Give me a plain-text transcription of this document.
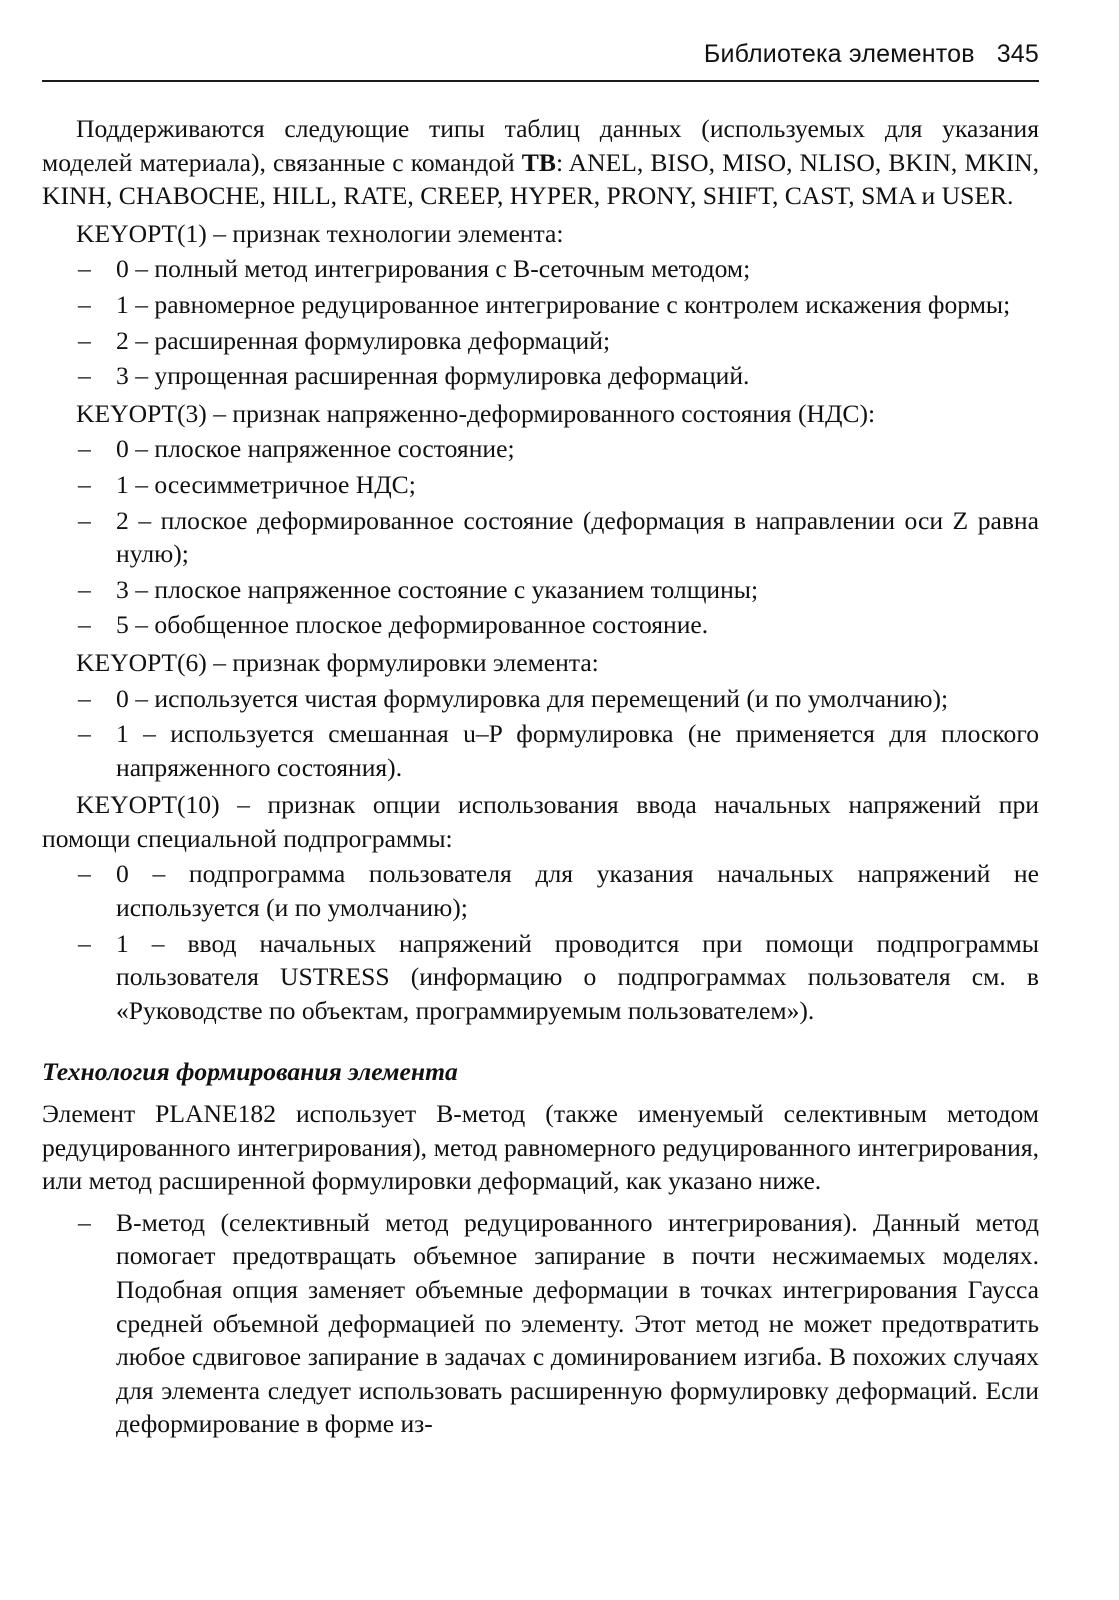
Библиотека элементов 345

Поддерживаются следующие типы таблиц данных (используемых для указания моделей материала), связанные с командой TB: ANEL, BISO, MISO, NLISO, BKIN, MKIN, KINH, CHABOCHE, HILL, RATE, CREEP, HYPER, PRONY, SHIFT, CAST, SMA и USER.

KEYOPT(1) – признак технологии элемента:

– 0 – полный метод интегрирования с B-сеточным методом;
– 1 – равномерное редуцированное интегрирование с контролем искажения формы;
– 2 – расширенная формулировка деформаций;
– 3 – упрощенная расширенная формулировка деформаций.

KEYOPT(3) – признак напряженно-деформированного состояния (НДС):

– 0 – плоское напряженное состояние;
– 1 – осесимметричное НДС;
– 2 – плоское деформированное состояние (деформация в направлении оси Z равна нулю);
– 3 – плоское напряженное состояние с указанием толщины;
– 5 – обобщенное плоское деформированное состояние.

KEYOPT(6) – признак формулировки элемента:

– 0 – используется чистая формулировка для перемещений (и по умолчанию);
– 1 – используется смешанная u–P формулировка (не применяется для плоского напряженного состояния).

KEYOPT(10) – признак опции использования ввода начальных напряжений при помощи специальной подпрограммы:

– 0 – подпрограмма пользователя для указания начальных напряжений не используется (и по умолчанию);
– 1 – ввод начальных напряжений проводится при помощи подпрограммы пользователя USTRESS (информацию о подпрограммах пользователя см. в «Руководстве по объектам, программируемым пользователем»).
Технология формирования элемента

Элемент PLANE182 использует B-метод (также именуемый селективным методом редуцированного интегрирования), метод равномерного редуцированного интегрирования, или метод расширенной формулировки деформаций, как указано ниже.

– B-метод (селективный метод редуцированного интегрирования). Данный метод помогает предотвращать объемное запирание в почти несжимаемых моделях. Подобная опция заменяет объемные деформации в точках интегрирования Гаусса средней объемной деформацией по элементу. Этот метод не может предотвратить любое сдвиговое запирание в задачах с доминированием изгиба. В похожих случаях для элемента следует использовать расширенную формулировку деформаций. Если деформирование в форме из-
